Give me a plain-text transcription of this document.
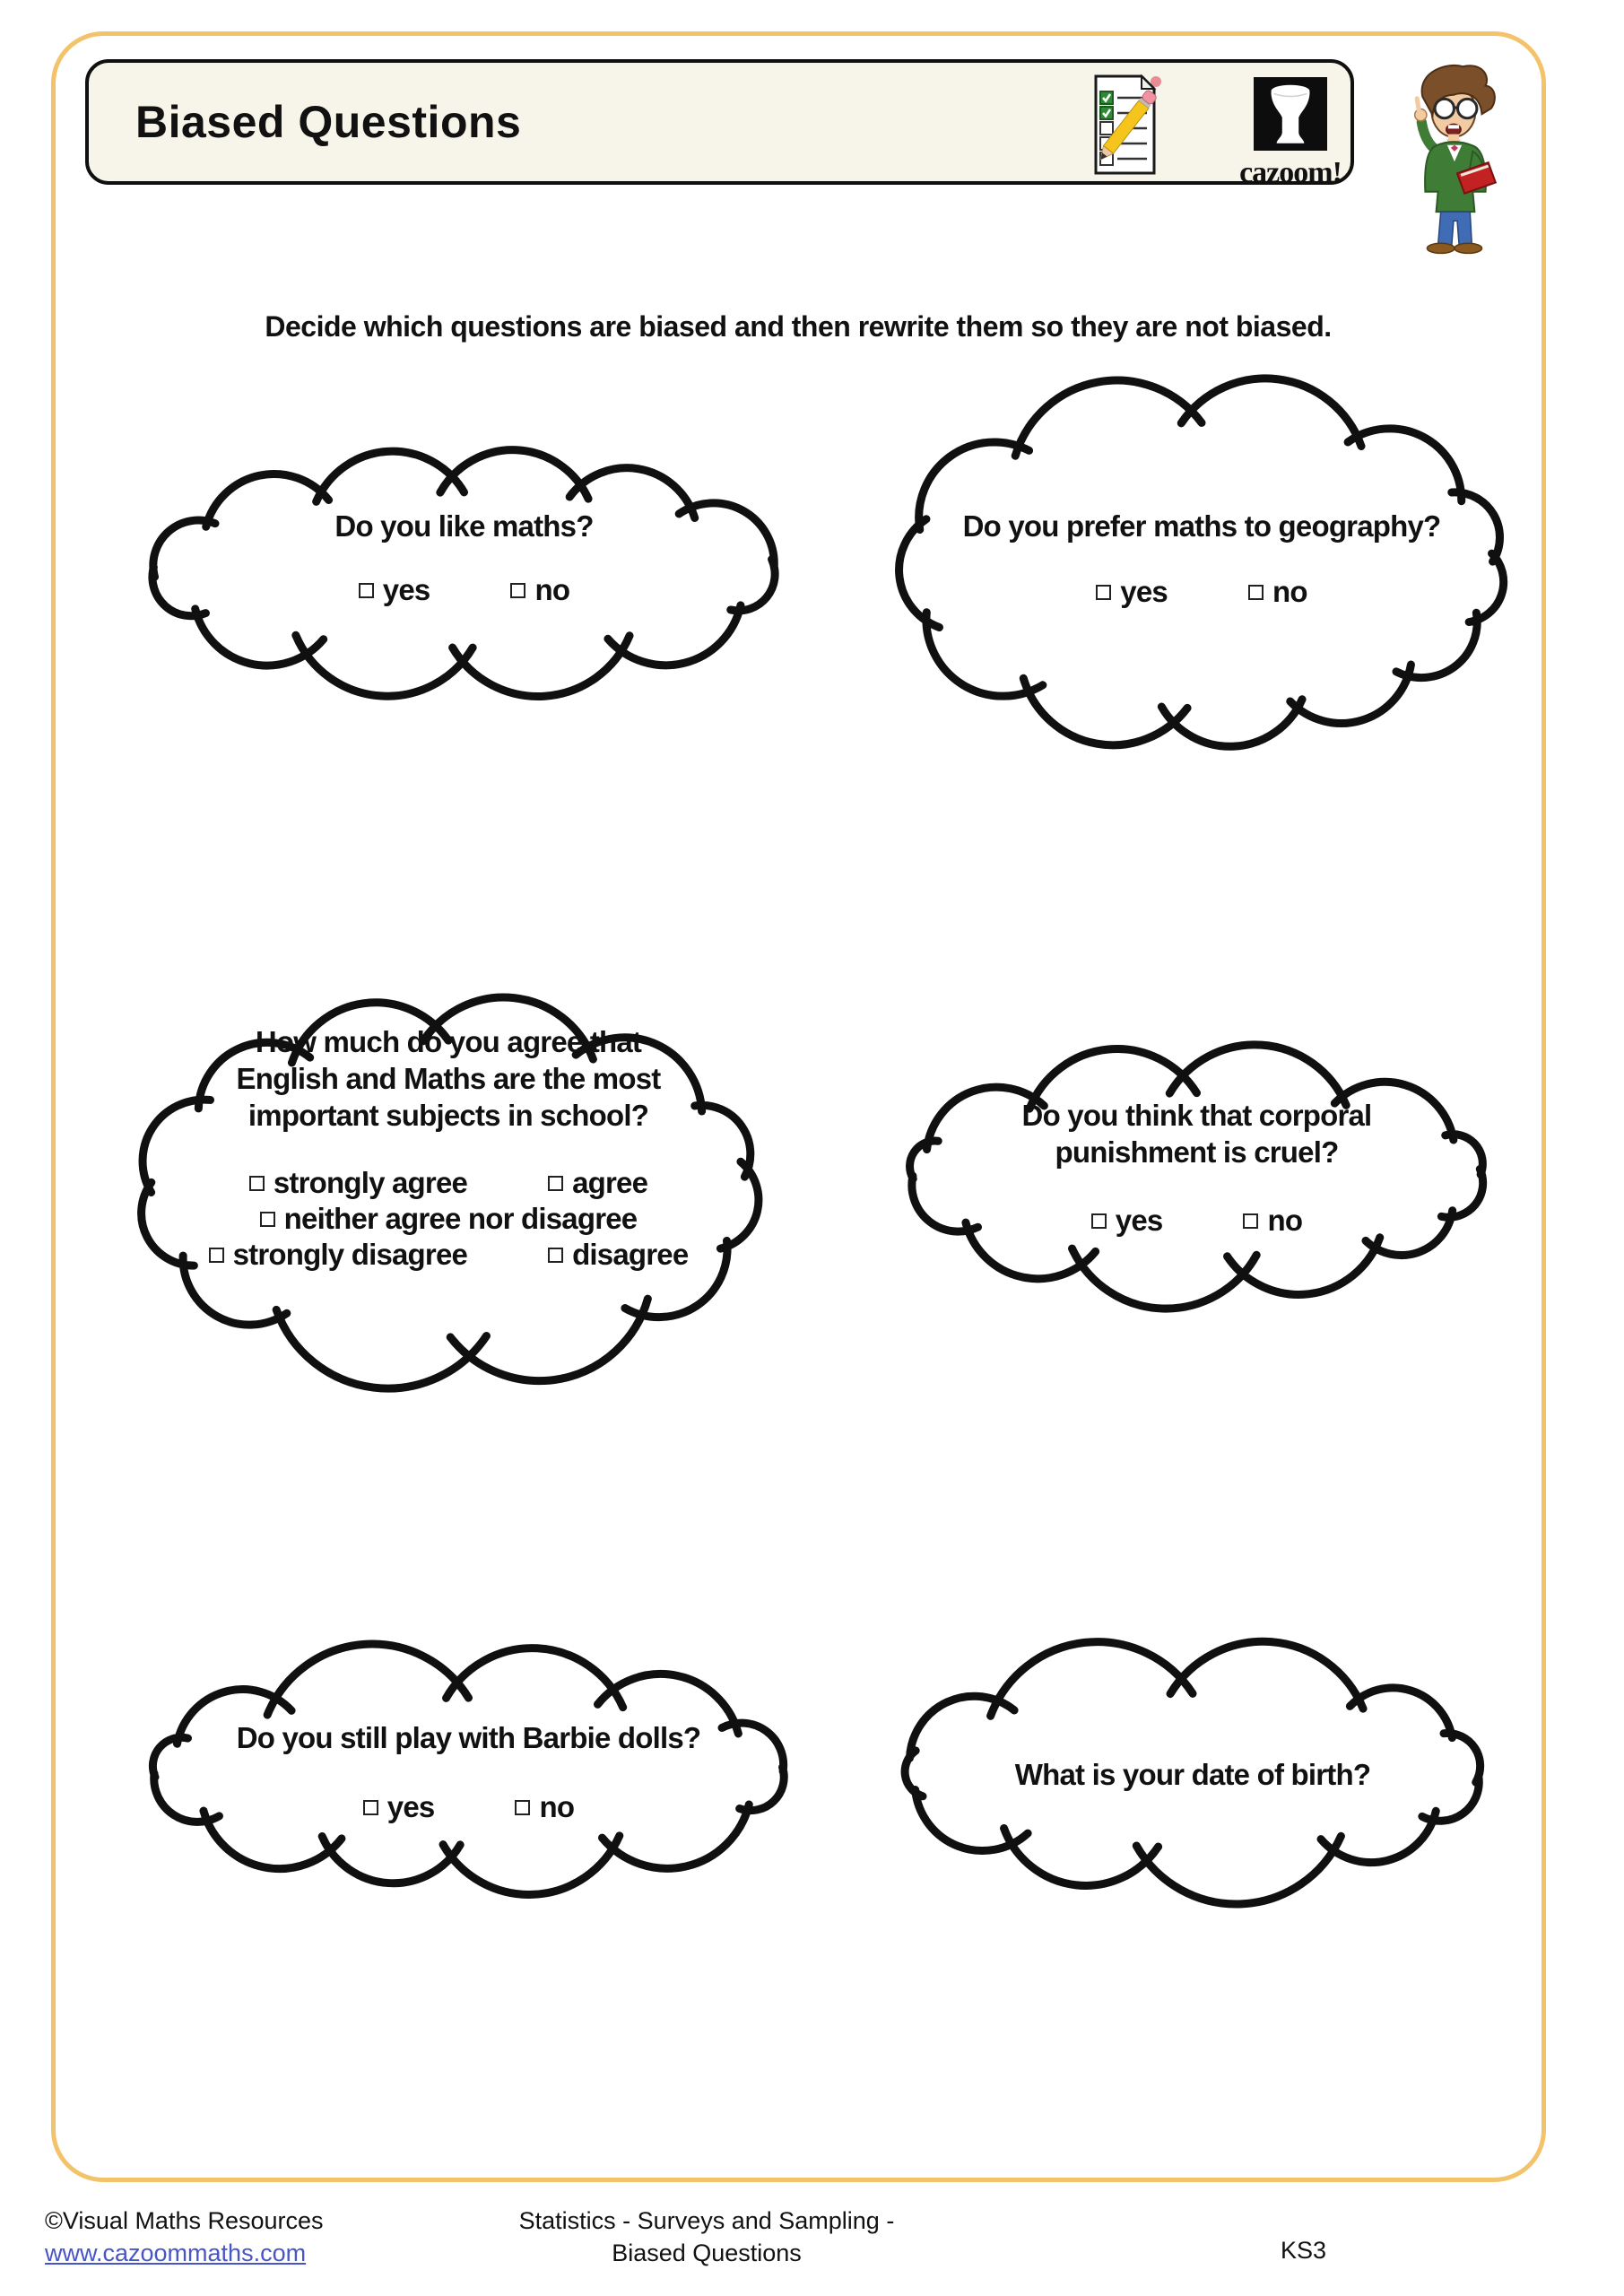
Biased Questions
cazoom!

Decide which questions are biased and then rewrite them so they are not biased.

Do you like maths?
yes	no
Do you prefer maths to geography?
yes	no
How much do you agree that
English and Maths are the most
important subjects in school?
strongly agree	agree
neither agree nor disagree
strongly disagree	disagree
Do you think that corporal
punishment is cruel?
yes	no
Do you still play with Barbie dolls?
yes	no
What is your date of birth?
©Visual Maths Resources
www.cazoommaths.com
Statistics - Surveys and Sampling -
Biased Questions	KS3
